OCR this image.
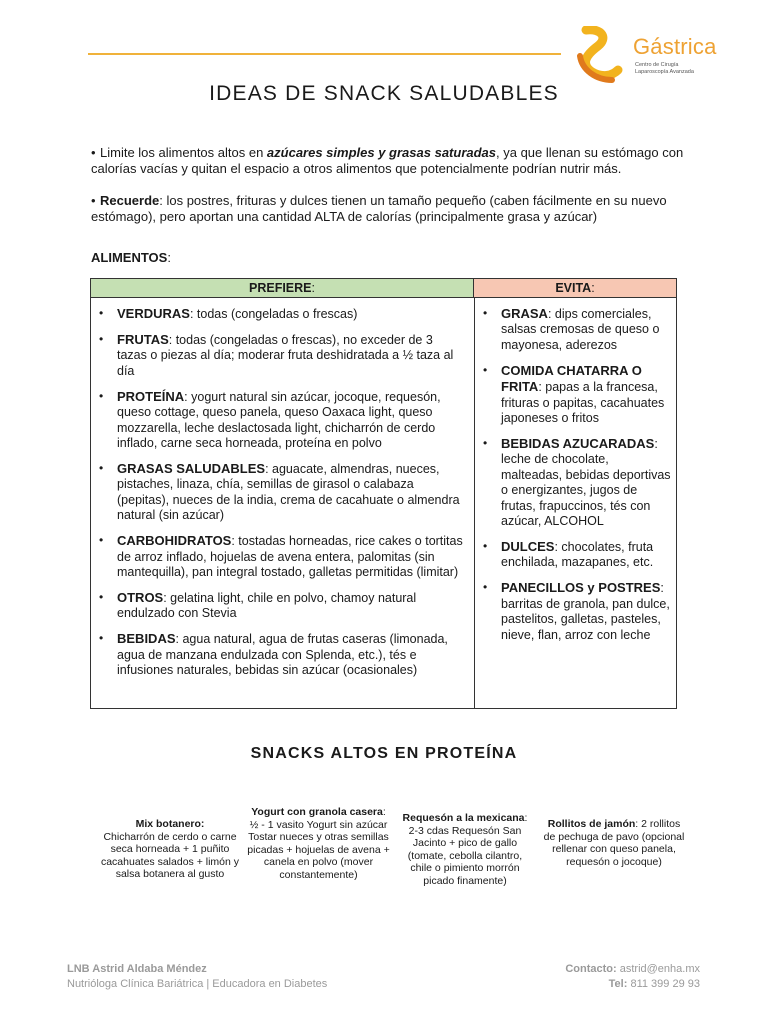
Gástrica
Centro de Cirugía
Laparoscopía Avanzada
IDEAS DE SNACK SALUDABLES
• Limite los alimentos altos en azúcares simples y grasas saturadas, ya que llenan su estómago con calorías vacías y quitan el espacio a otros alimentos que potencialmente podrían nutrir más.
• Recuerde: los postres, frituras y dulces tienen un tamaño pequeño (caben fácilmente en su nuevo estómago), pero aportan una cantidad ALTA de calorías (principalmente grasa y azúcar)
ALIMENTOS:
PREFIERE:	EVITA:
• VERDURAS: todas (congeladas o frescas)
• FRUTAS: todas (congeladas o frescas), no exceder de 3 tazas o piezas al día; moderar fruta deshidratada a ½ taza al día
• PROTEÍNA: yogurt natural sin azúcar, jocoque, requesón, queso cottage, queso panela, queso Oaxaca light, queso mozzarella, leche deslactosada light, chicharrón de cerdo inflado, carne seca horneada, proteína en polvo
• GRASAS SALUDABLES: aguacate, almendras, nueces, pistaches, linaza, chía, semillas de girasol o calabaza (pepitas), nueces de la india, crema de cacahuate o almendra natural (sin azúcar)
• CARBOHIDRATOS: tostadas horneadas, rice cakes o tortitas de arroz inflado, hojuelas de avena entera, palomitas (sin mantequilla), pan integral tostado, galletas permitidas (limitar)
• OTROS: gelatina light, chile en polvo, chamoy natural endulzado con Stevia
• BEBIDAS: agua natural, agua de frutas caseras (limonada, agua de manzana endulzada con Splenda, etc.), tés e infusiones naturales, bebidas sin azúcar (ocasionales)
• GRASA: dips comerciales, salsas cremosas de queso o mayonesa, aderezos
• COMIDA CHATARRA O FRITA: papas a la francesa, frituras o papitas, cacahuates japoneses o fritos
• BEBIDAS AZUCARADAS: leche de chocolate, malteadas, bebidas deportivas o energizantes, jugos de frutas, frapuccinos, tés con azúcar, ALCOHOL
• DULCES: chocolates, fruta enchilada, mazapanes, etc.
• PANECILLOS y POSTRES: barritas de granola, pan dulce, pastelitos, galletas, pasteles, nieve, flan, arroz con leche
SNACKS ALTOS EN PROTEÍNA
Mix botanero:
Chicharrón de cerdo o carne seca horneada + 1 puñito cacahuates salados + limón y salsa botanera al gusto
Yogurt con granola casera: ½ - 1 vasito Yogurt sin azúcar Tostar nueces y otras semillas picadas + hojuelas de avena + canela en polvo (mover constantemente)
Requesón a la mexicana: 2-3 cdas Requesón San Jacinto + pico de gallo (tomate, cebolla cilantro, chile o pimiento morrón picado finamente)
Rollitos de jamón: 2 rollitos de pechuga de pavo (opcional rellenar con queso panela, requesón o jocoque)
LNB Astrid Aldaba Méndez
Nutrióloga Clínica Bariátrica | Educadora en Diabetes
Contacto: astrid@enha.mx
Tel: 811 399 29 93
